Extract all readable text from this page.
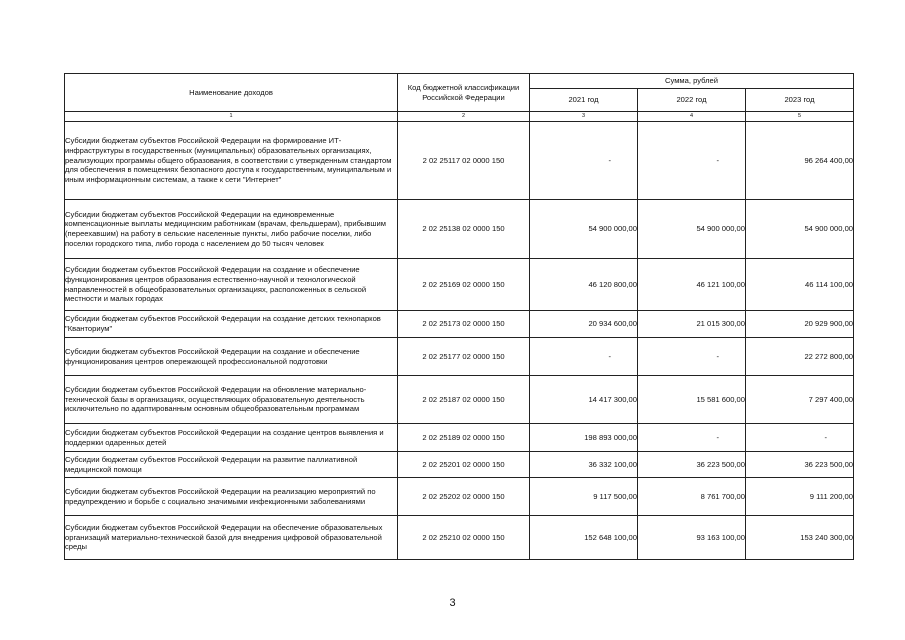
Наименование доходов	Код бюджетной классификации Российской Федерации	Сумма, рублей		
		2021 год	2022 год	2023 год
1	2	3	4	5
Субсидии бюджетам субъектов Российской Федерации на формирование ИТ-инфраструктуры в государственных (муниципальных) образовательных организациях, реализующих программы общего образования, в соответствии с утвержденным стандартом для обеспечения в помещениях безопасного доступа к государственным, муниципальным и иным информационным системам, а также к сети "Интернет"	2 02 25117 02 0000 150	-	-	96 264 400,00
Субсидии бюджетам субъектов Российской Федерации на единовременные компенсационные выплаты медицинским работникам (врачам, фельдшерам), прибывшим (переехавшим) на работу в сельские населенные пункты, либо рабочие поселки, либо поселки городского типа, либо города с населением до 50 тысяч человек	2 02 25138 02 0000 150	54 900 000,00	54 900 000,00	54 900 000,00
Субсидии бюджетам субъектов Российской Федерации на создание и обеспечение функционирования центров образования естественно-научной и технологической направленностей в общеобразовательных организациях, расположенных в сельской местности и малых городах	2 02 25169 02 0000 150	46 120 800,00	46 121 100,00	46 114 100,00
Субсидии бюджетам субъектов Российской Федерации на создание детских технопарков "Кванториум"	2 02 25173 02 0000 150	20 934 600,00	21 015 300,00	20 929 900,00
Субсидии бюджетам субъектов Российской Федерации на создание и обеспечение функционирования центров опережающей профессиональной подготовки	2 02 25177 02 0000 150	-	-	22 272 800,00
Субсидии бюджетам субъектов Российской Федерации на обновление материально-технической базы в организациях, осуществляющих образовательную деятельность исключительно по адаптированным основным общеобразовательным программам	2 02 25187 02 0000 150	14 417 300,00	15 581 600,00	7 297 400,00
Субсидии бюджетам субъектов Российской Федерации на создание центров выявления и поддержки одаренных детей	2 02 25189 02 0000 150	198 893 000,00	-	-
Субсидии бюджетам субъектов Российской Федерации на развитие паллиативной медицинской помощи	2 02 25201 02 0000 150	36 332 100,00	36 223 500,00	36 223 500,00
Субсидии бюджетам субъектов Российской Федерации на реализацию мероприятий по предупреждению и борьбе с социально значимыми инфекционными заболеваниями	2 02 25202 02 0000 150	9 117 500,00	8 761 700,00	9 111 200,00
Субсидии бюджетам субъектов Российской Федерации на обеспечение образовательных организаций материально-технической базой для внедрения цифровой образовательной среды	2 02 25210 02 0000 150	152 648 100,00	93 163 100,00	153 240 300,00
3
